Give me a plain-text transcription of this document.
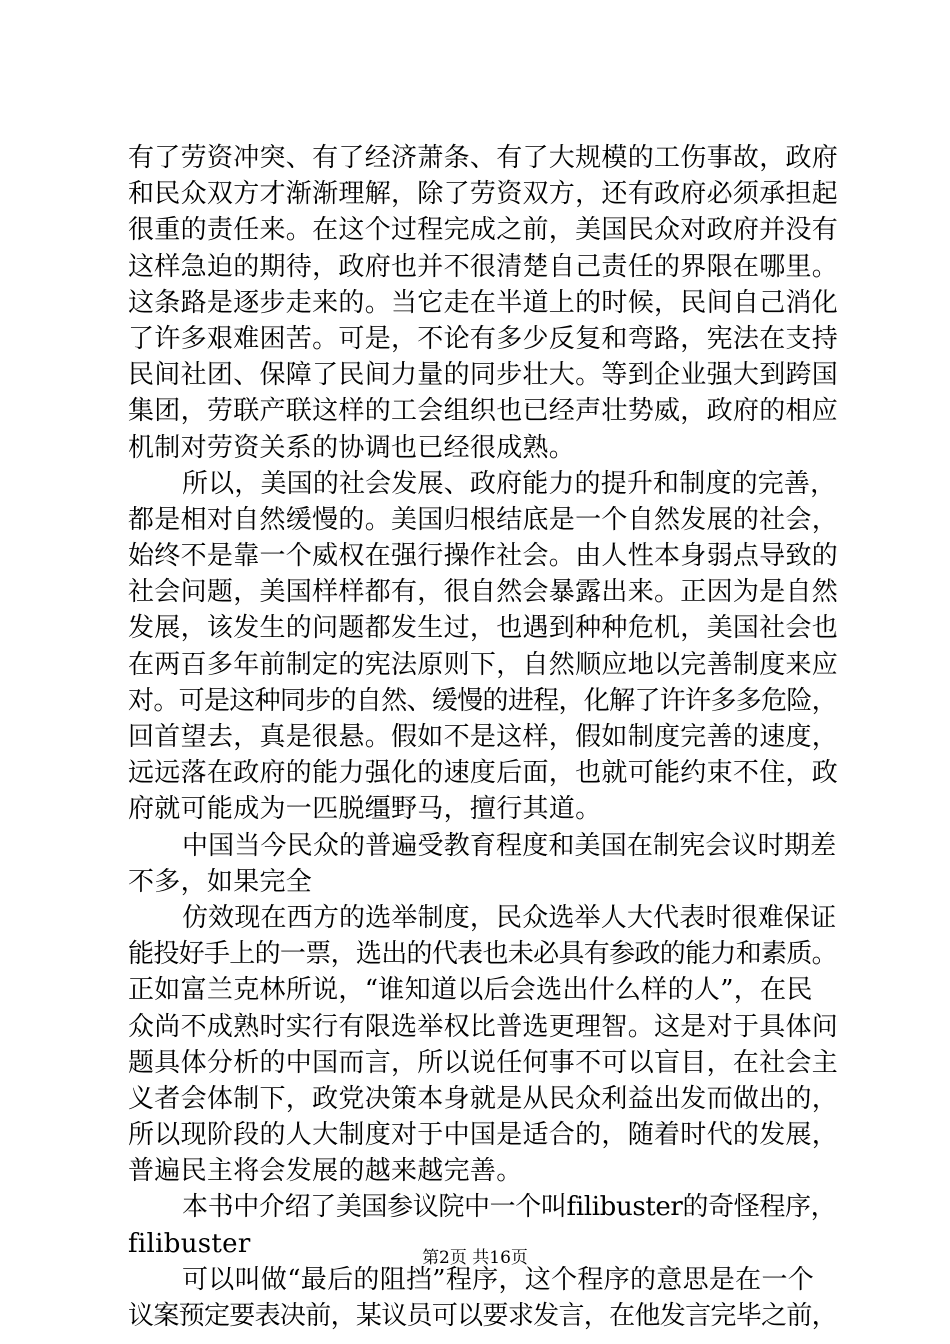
有了劳资冲突、有了经济萧条、有了大规模的工伤事故，政府
和民众双方才渐渐理解，除了劳资双方，还有政府必须承担起
很重的责任来。在这个过程完成之前，美国民众对政府并没有
这样急迫的期待，政府也并不很清楚自己责任的界限在哪里。
这条路是逐步走来的。当它走在半道上的时候，民间自己消化
了许多艰难困苦。可是，不论有多少反复和弯路，宪法在支持
民间社团、保障了民间力量的同步壮大。等到企业强大到跨国
集团，劳联产联这样的工会组织也已经声壮势威，政府的相应
机制对劳资关系的协调也已经很成熟。
所以，美国的社会发展、政府能力的提升和制度的完善，
都是相对自然缓慢的。美国归根结底是一个自然发展的社会，
始终不是靠一个威权在强行操作社会。由人性本身弱点导致的
社会问题，美国样样都有，很自然会暴露出来。正因为是自然
发展，该发生的问题都发生过，也遇到种种危机，美国社会也
在两百多年前制定的宪法原则下，自然顺应地以完善制度来应
对。可是这种同步的自然、缓慢的进程，化解了许许多多危险，
回首望去，真是很悬。假如不是这样，假如制度完善的速度，
远远落在政府的能力强化的速度后面，也就可能约束不住，政
府就可能成为一匹脱缰野马，擅行其道。
中国当今民众的普遍受教育程度和美国在制宪会议时期差
不多，如果完全
仿效现在西方的选举制度，民众选举人大代表时很难保证
能投好手上的一票，选出的代表也未必具有参政的能力和素质。
正如富兰克林所说，“谁知道以后会选出什么样的人”，在民
众尚不成熟时实行有限选举权比普选更理智。这是对于具体问
题具体分析的中国而言，所以说任何事不可以盲目，在社会主
义者会体制下，政党决策本身就是从民众利益出发而做出的，
所以现阶段的人大制度对于中国是适合的，随着时代的发展，
普遍民主将会发展的越来越完善。
本书中介绍了美国参议院中一个叫filibuster的奇怪程序，
filibuster
可以叫做“最后的阻挡”程序，这个程序的意思是在一个
议案预定要表决前，某议员可以要求发言，在他发言完毕之前，
第2页 共16页
